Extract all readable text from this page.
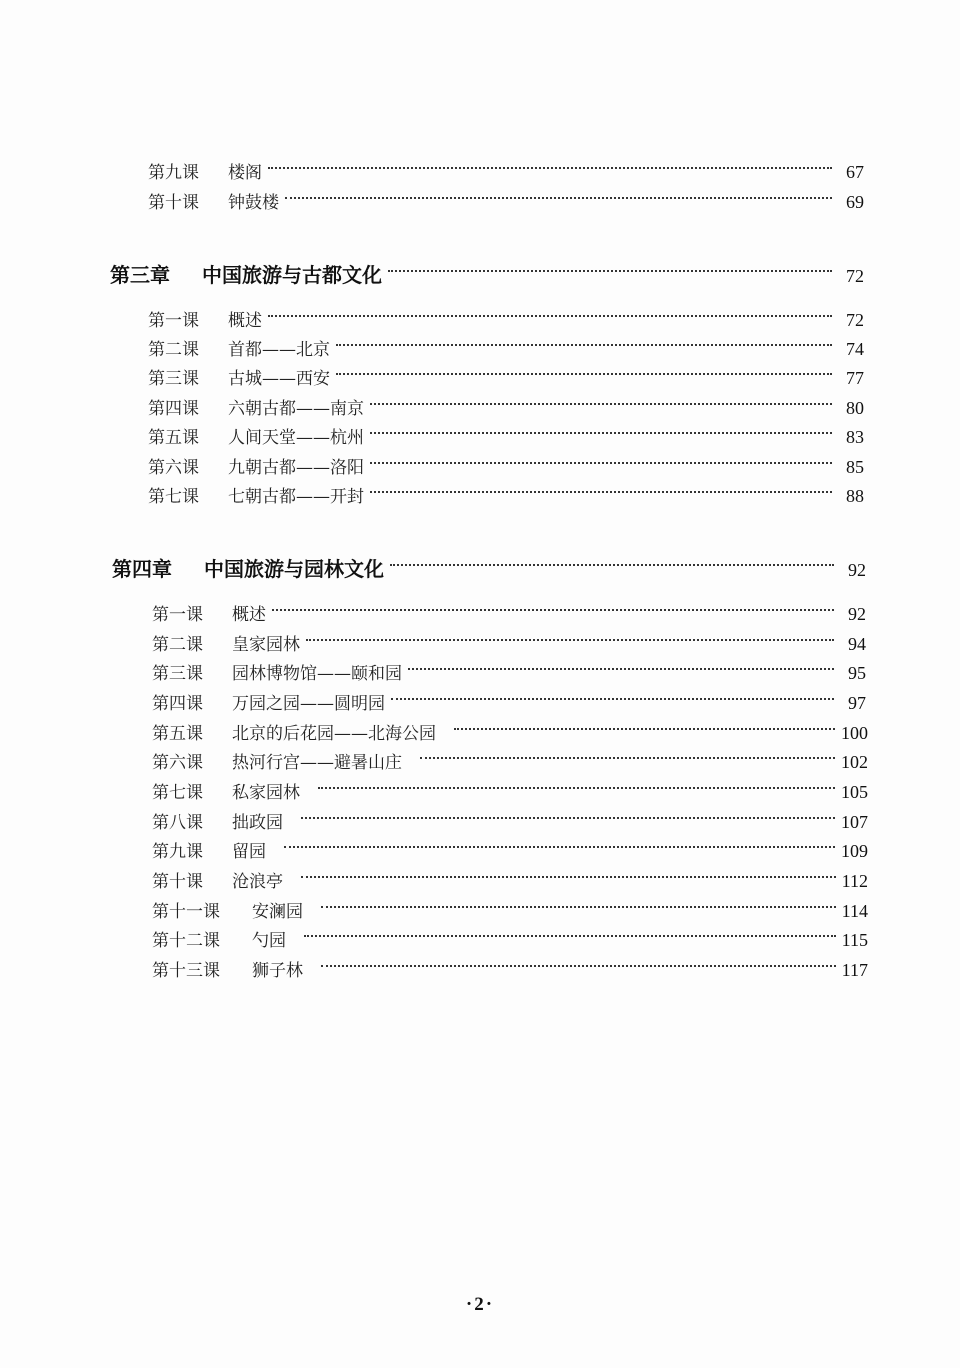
第九课	楼阁	67
第十课	钟鼓楼	69
第三章	中国旅游与古都文化	72
第一课	概述	72
第二课	首都——北京	74
第三课	古城——西安	77
第四课	六朝古都——南京	80
第五课	人间天堂——杭州	83
第六课	九朝古都——洛阳	85
第七课	七朝古都——开封	88
第四章	中国旅游与园林文化	92
第一课	概述	92
第二课	皇家园林	94
第三课	园林博物馆——颐和园	95
第四课	万园之园——圆明园	97
第五课	北京的后花园——北海公园	100
第六课	热河行宫——避暑山庄	102
第七课	私家园林	105
第八课	拙政园	107
第九课	留园	109
第十课	沧浪亭	112
第十一课	安澜园	114
第十二课	勺园	115
第十三课	狮子林	117
·2·
